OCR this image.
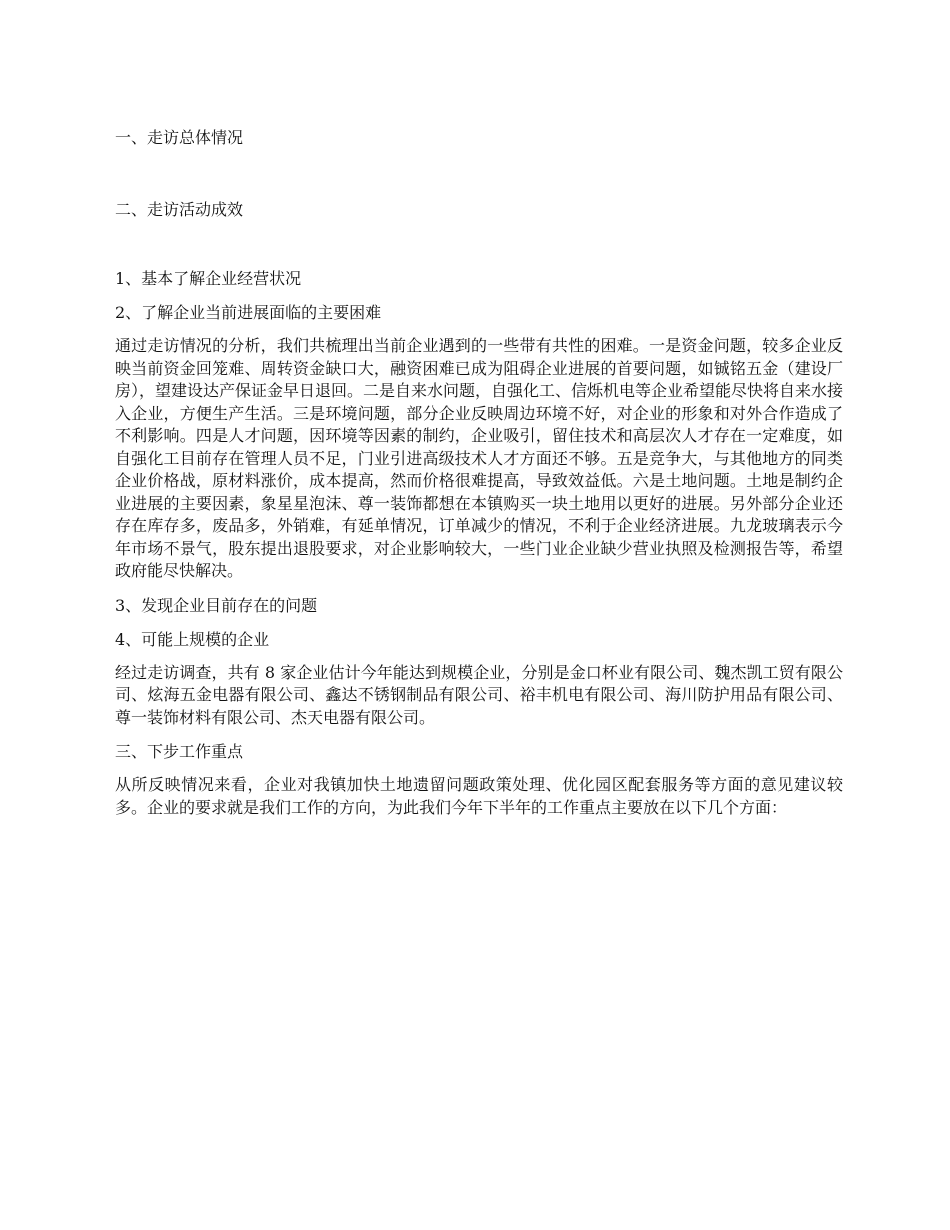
一、走访总体情况

二、走访活动成效

1、基本了解企业经营状况

2、了解企业当前进展面临的主要困难

通过走访情况的分析，我们共梳理出当前企业遇到的一些带有共性的困难。一是资金问题，较多企业反映当前资金回笼难、周转资金缺口大，融资困难已成为阻碍企业进展的首要问题，如铖铭五金（建设厂房），望建设达产保证金早日退回。二是自来水问题，自强化工、信烁机电等企业希望能尽快将自来水接入企业，方便生产生活。三是环境问题，部分企业反映周边环境不好，对企业的形象和对外合作造成了不利影响。四是人才问题，因环境等因素的制约，企业吸引，留住技术和高层次人才存在一定难度，如自强化工目前存在管理人员不足，门业引进高级技术人才方面还不够。五是竞争大，与其他地方的同类企业价格战，原材料涨价，成本提高，然而价格很难提高，导致效益低。六是土地问题。土地是制约企业进展的主要因素，象星星泡沫、尊一装饰都想在本镇购买一块土地用以更好的进展。另外部分企业还存在库存多，废品多，外销难，有延单情况，订单减少的情况，不利于企业经济进展。九龙玻璃表示今年市场不景气，股东提出退股要求，对企业影响较大，一些门业企业缺少营业执照及检测报告等，希望政府能尽快解决。

3、发现企业目前存在的问题

4、可能上规模的企业

经过走访调查，共有 8 家企业估计今年能达到规模企业，分别是金口杯业有限公司、魏杰凯工贸有限公司、炫海五金电器有限公司、鑫达不锈钢制品有限公司、裕丰机电有限公司、海川防护用品有限公司、尊一装饰材料有限公司、杰天电器有限公司。

三、下步工作重点

从所反映情况来看，企业对我镇加快土地遗留问题政策处理、优化园区配套服务等方面的意见建议较多。企业的要求就是我们工作的方向，为此我们今年下半年的工作重点主要放在以下几个方面：
